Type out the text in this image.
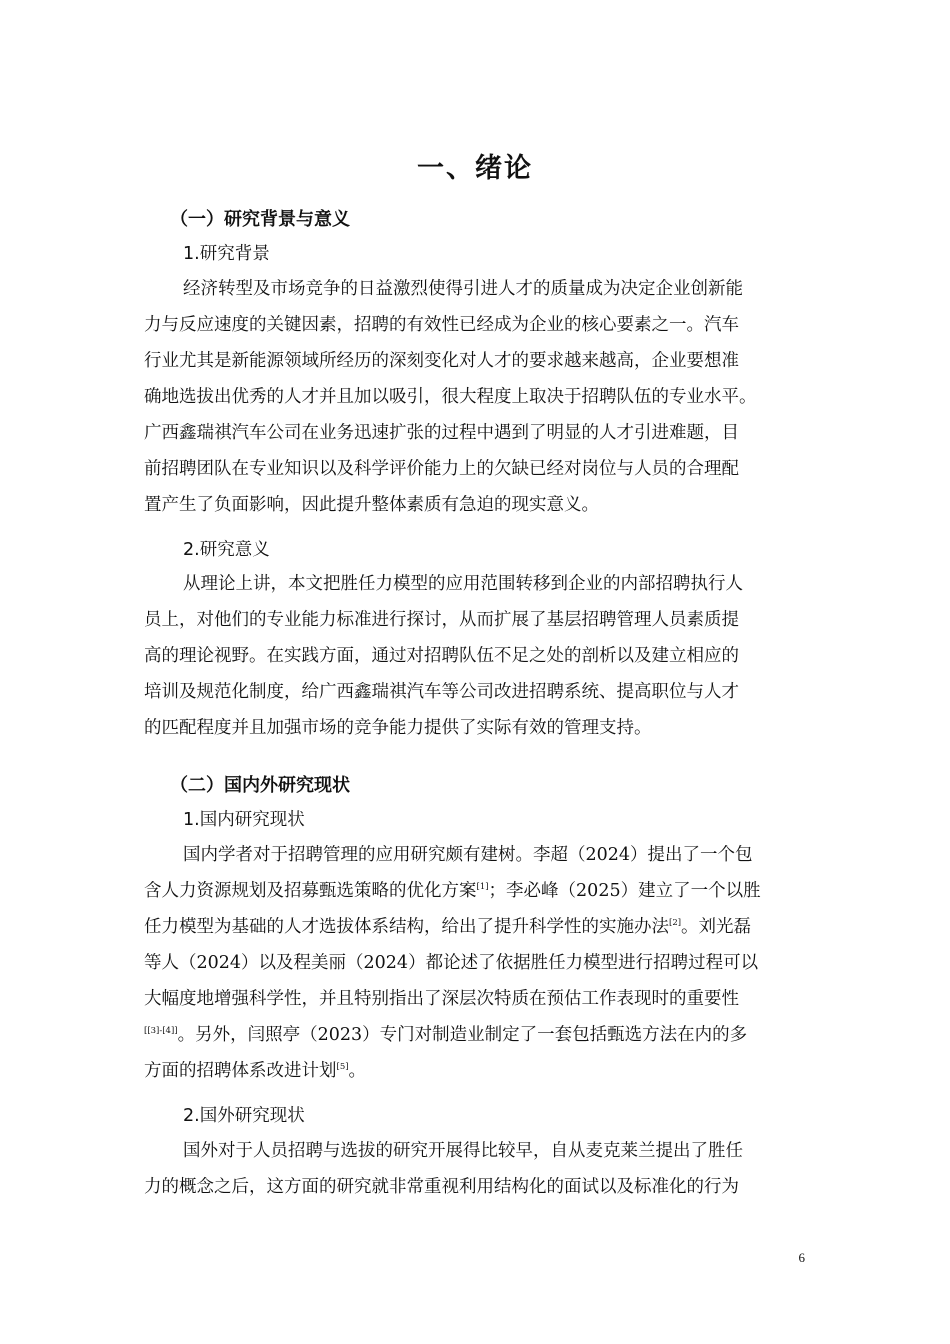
一、绪论

（一）研究背景与意义

1.研究背景

经济转型及市场竞争的日益激烈使得引进人才的质量成为决定企业创新能

力与反应速度的关键因素，招聘的有效性已经成为企业的核心要素之一。汽车

行业尤其是新能源领域所经历的深刻变化对人才的要求越来越高，企业要想准

确地选拔出优秀的人才并且加以吸引，很大程度上取决于招聘队伍的专业水平。

广西鑫瑞祺汽车公司在业务迅速扩张的过程中遇到了明显的人才引进难题，目

前招聘团队在专业知识以及科学评价能力上的欠缺已经对岗位与人员的合理配

置产生了负面影响，因此提升整体素质有急迫的现实意义。

2.研究意义

从理论上讲，本文把胜任力模型的应用范围转移到企业的内部招聘执行人

员上，对他们的专业能力标准进行探讨，从而扩展了基层招聘管理人员素质提

高的理论视野。在实践方面，通过对招聘队伍不足之处的剖析以及建立相应的

培训及规范化制度，给广西鑫瑞祺汽车等公司改进招聘系统、提高职位与人才

的匹配程度并且加强市场的竞争能力提供了实际有效的管理支持。

（二）国内外研究现状

1.国内研究现状

国内学者对于招聘管理的应用研究颇有建树。李超（2024）提出了一个包

含人力资源规划及招募甄选策略的优化方案[1]；李必峰（2025）建立了一个以胜

任力模型为基础的人才选拔体系结构，给出了提升科学性的实施办法[2]。刘光磊

等人（2024）以及程美丽（2024）都论述了依据胜任力模型进行招聘过程可以

大幅度地增强科学性，并且特别指出了深层次特质在预估工作表现时的重要性

[[3]-[4]]。另外，闫照亭（2023）专门对制造业制定了一套包括甄选方法在内的多

方面的招聘体系改进计划[5]。

2.国外研究现状

国外对于人员招聘与选拔的研究开展得比较早，自从麦克莱兰提出了胜任

力的概念之后，这方面的研究就非常重视利用结构化的面试以及标准化的行为

6
